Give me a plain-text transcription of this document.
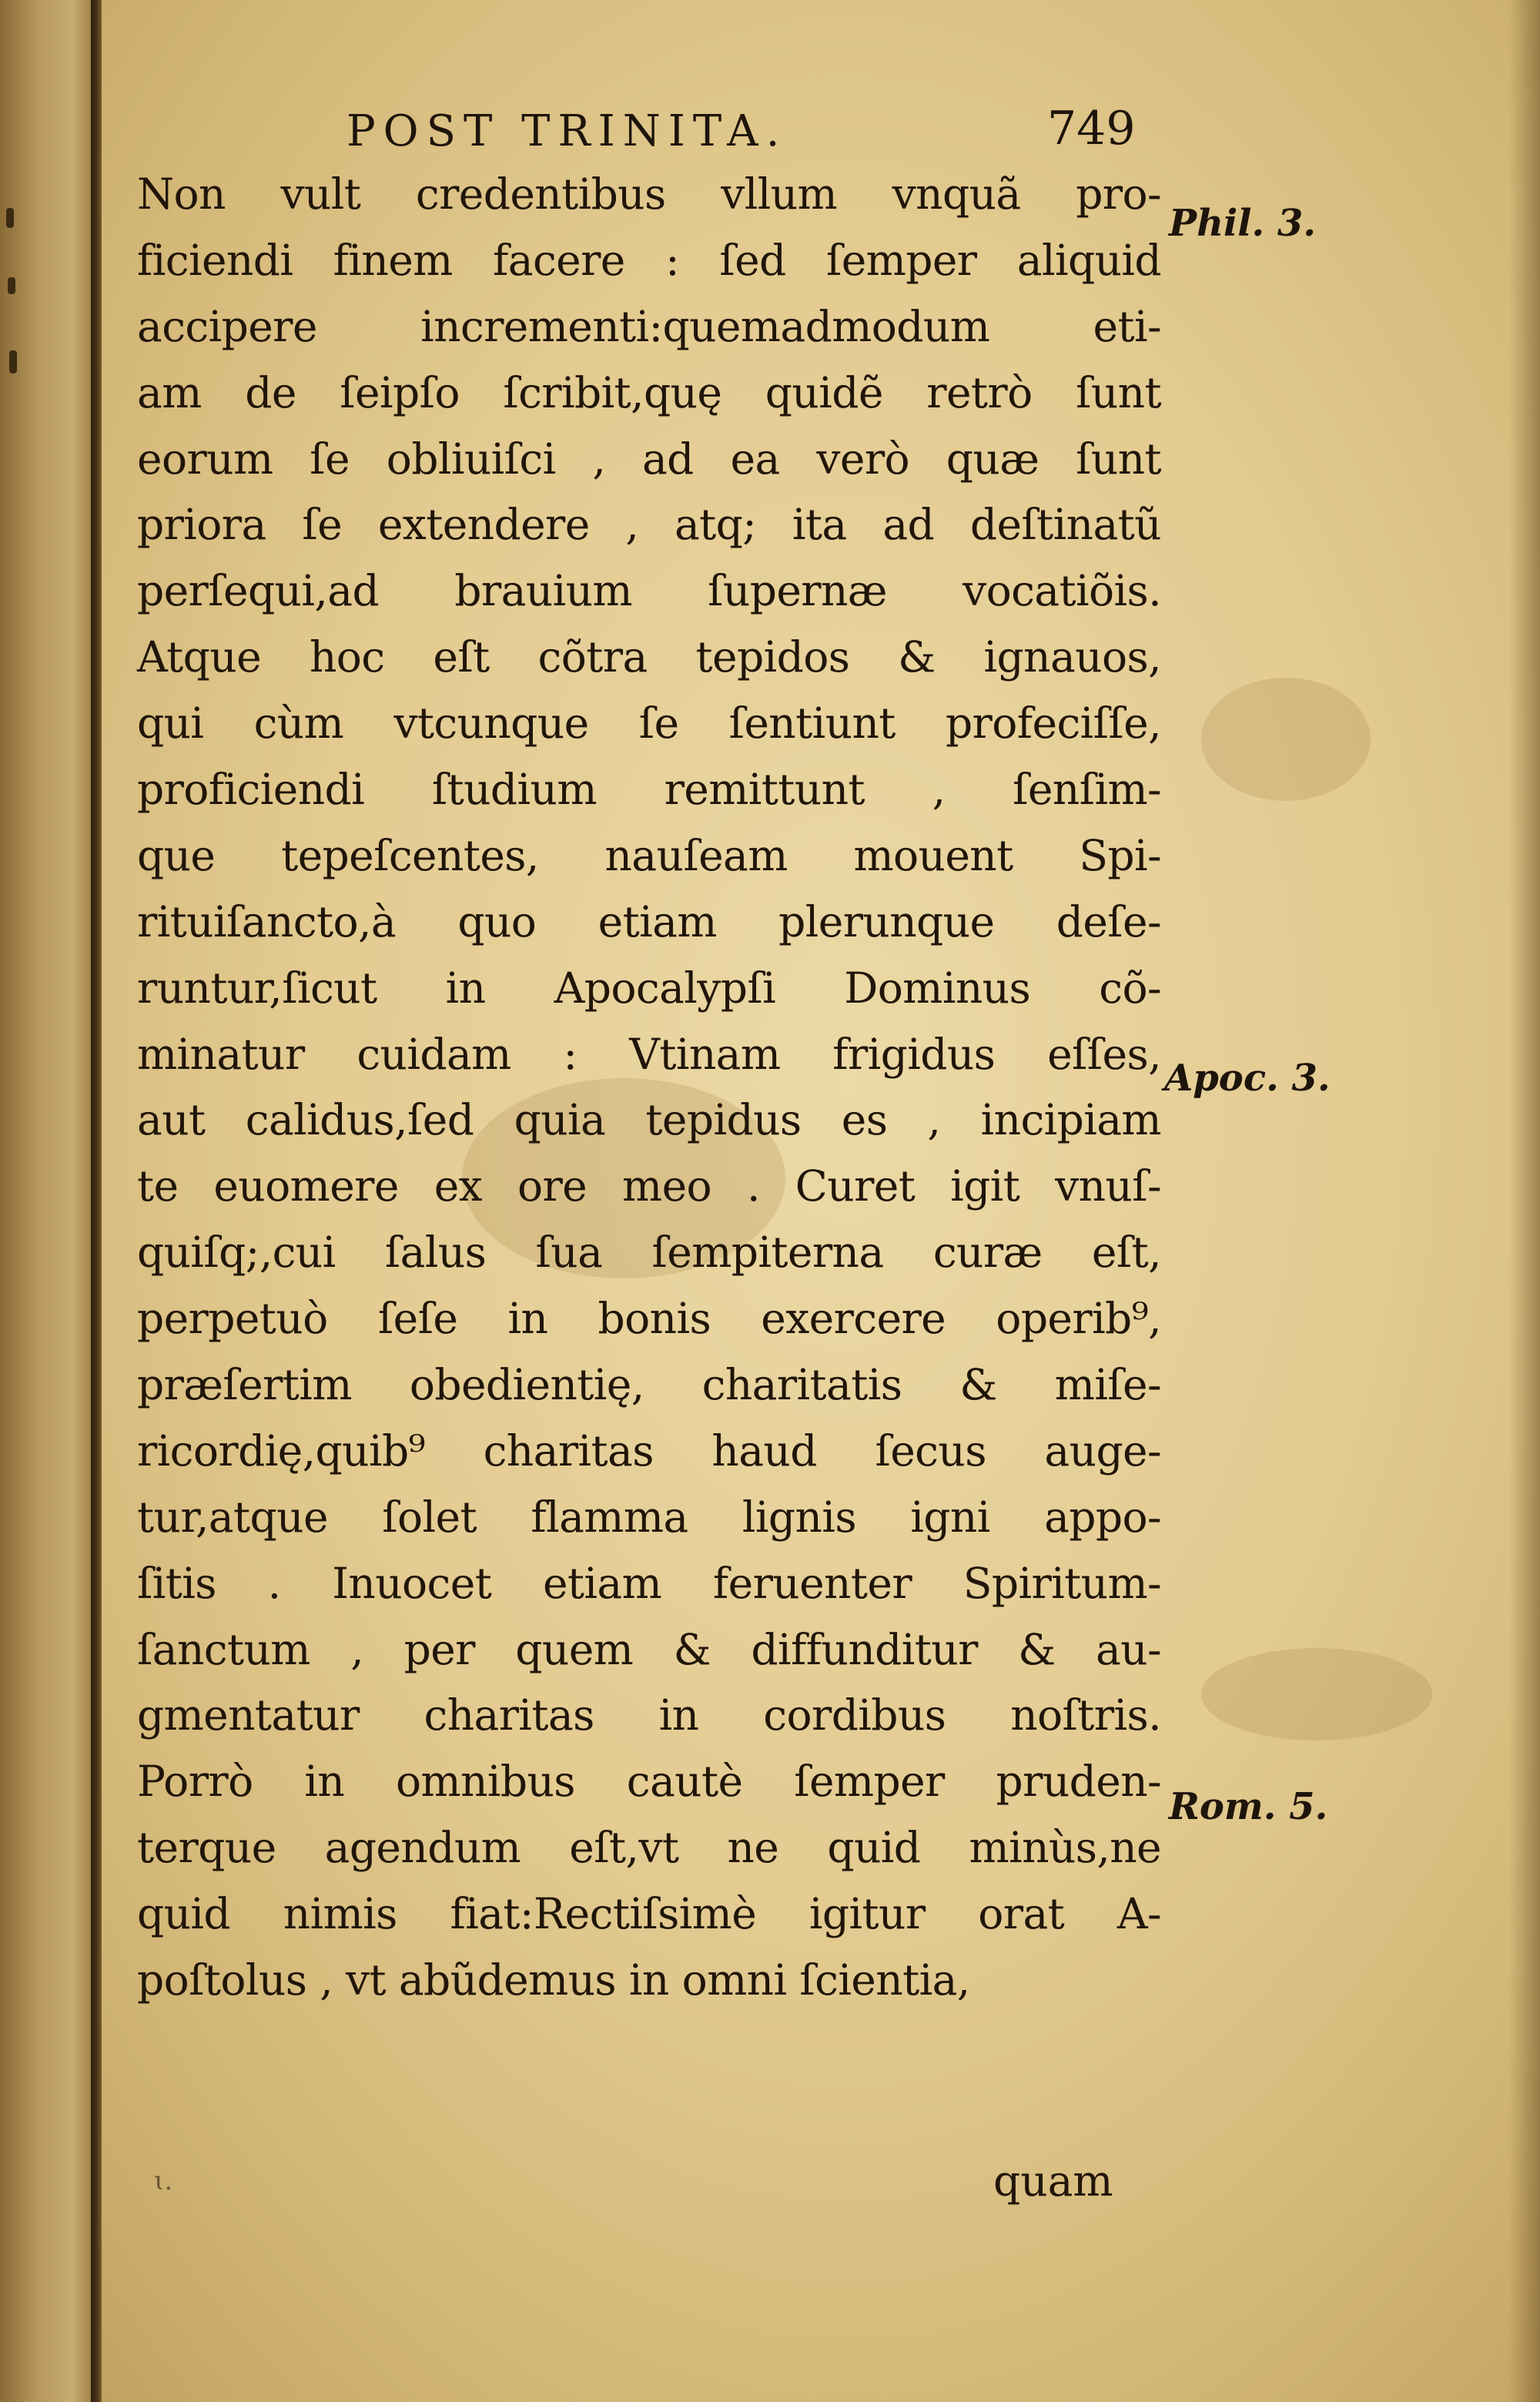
POST TRINITA.	749
Non vult credentibus vllum vnquã pro-
ficiendi finem facere : ſed ſemper aliquid
accipere incrementi:quemadmodum eti-
am de ſeipſo ſcribit,quę quidẽ retrò ſunt
eorum ſe obliuiſci , ad ea verò quæ ſunt
priora ſe extendere , atq; ita ad deſtinatũ
perſequi,ad brauium ſupernæ vocatiõis.
Atque hoc eſt cõtra tepidos & ignauos,
qui cùm vtcunque ſe ſentiunt profeciſſe,
proficiendi ſtudium remittunt , ſenſim-
que tepeſcentes, nauſeam mouent Spi-
rituiſancto,à quo etiam plerunque deſe-
runtur,ſicut in Apocalypſi Dominus cõ-
minatur cuidam : Vtinam frigidus eſſes,
aut calidus,ſed quia tepidus es , incipiam
te euomere ex ore meo . Curet igit vnuſ-
quiſq;,cui ſalus ſua ſempiterna curæ eſt,
perpetuò ſeſe in bonis exercere operib⁹,
præſertim obedientię, charitatis & miſe-
ricordię,quib⁹ charitas haud ſecus auge-
tur,atque ſolet flamma lignis igni appo-
ſitis . Inuocet etiam feruenter Spiritum-
ſanctum , per quem & diffunditur & au-
gmentatur charitas in cordibus noſtris.
Porrò in omnibus cautè ſemper pruden-
terque agendum eſt,vt ne quid minùs,ne
quid nimis fiat:Rectiſsimè igitur orat A-
poſtolus , vt abũdemus in omni ſcientia,
ɩ.	quam
Phil. 3.
Apoc. 3.
Rom. 5.
